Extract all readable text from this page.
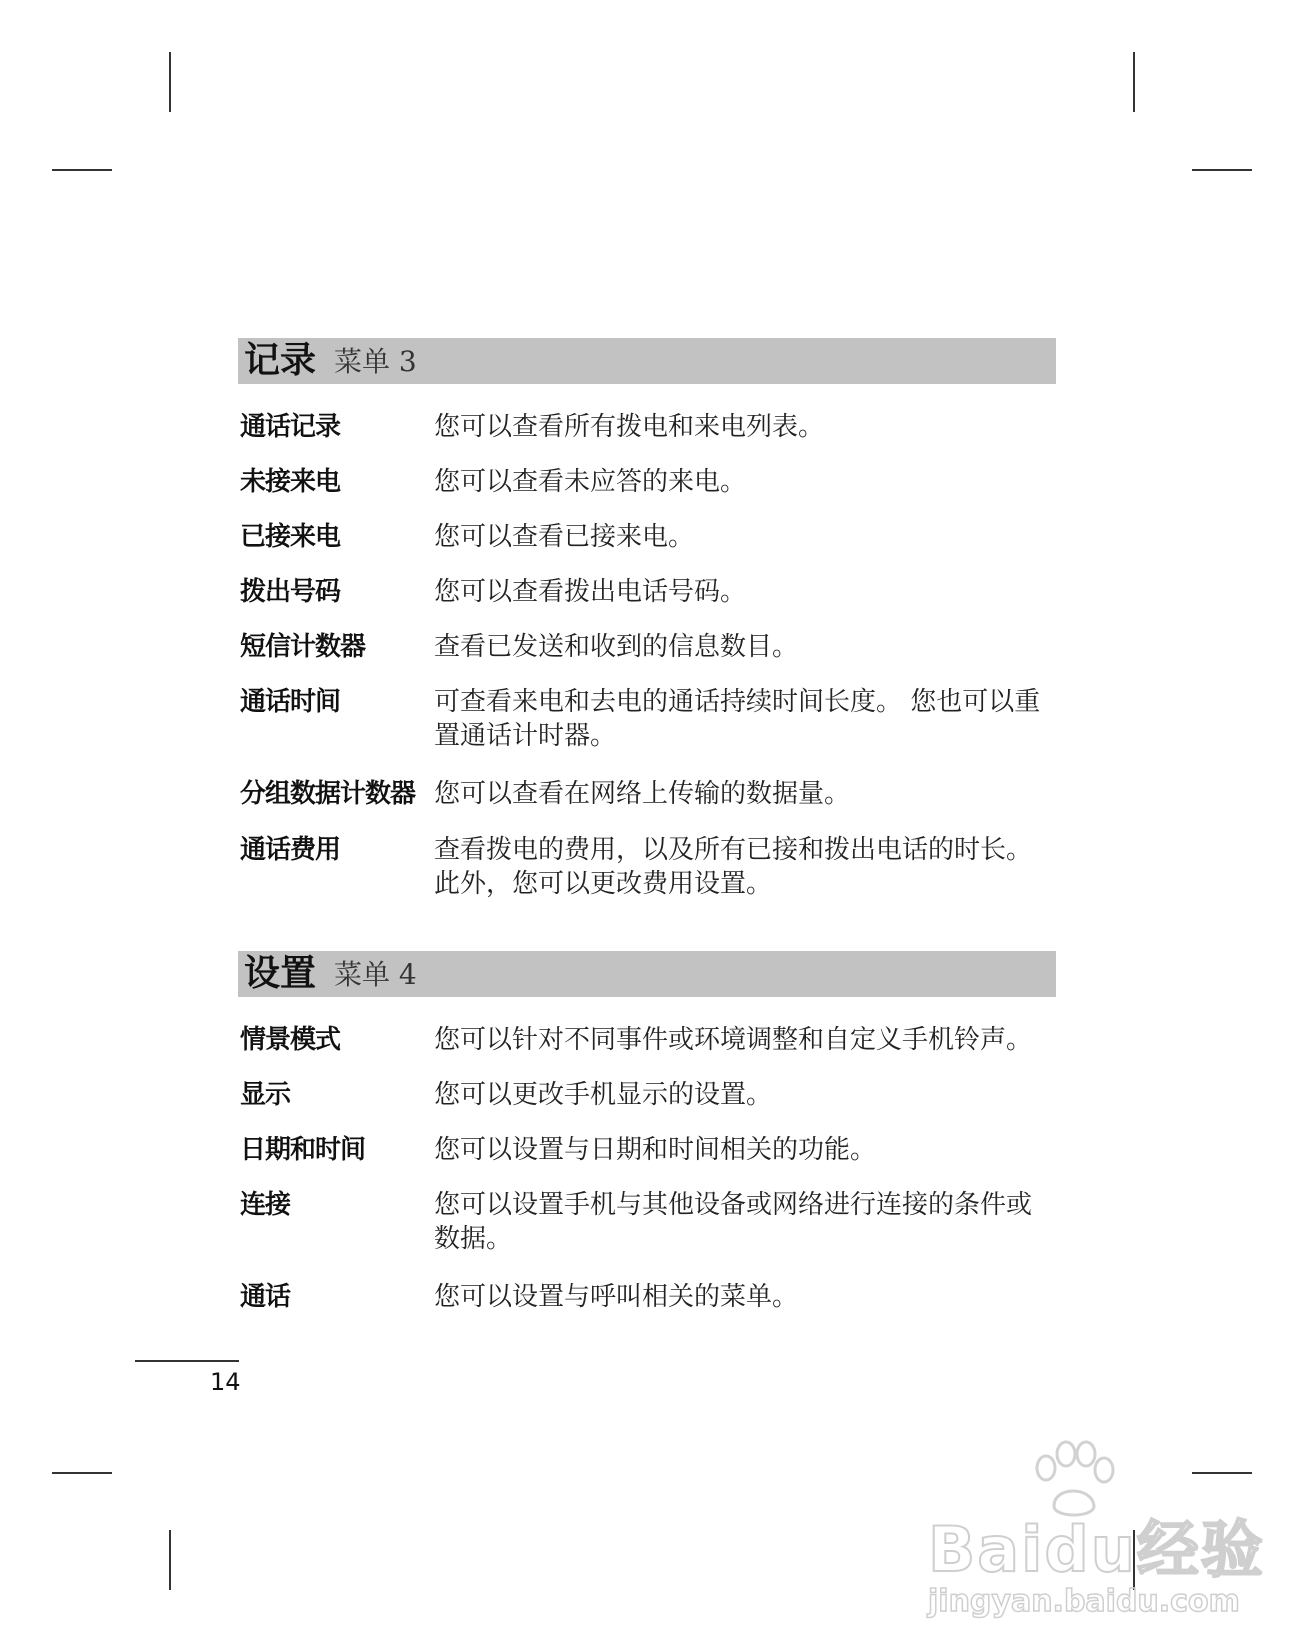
记录 菜单 3
通话记录	您可以查看所有拨电和来电列表。
未接来电	您可以查看未应答的来电。
已接来电	您可以查看已接来电。
拨出号码	您可以查看拨出电话号码。
短信计数器	查看已发送和收到的信息数目。
通话时间	可查看来电和去电的通话持续时间长度。 您也可以重置通话计时器。
分组数据计数器 您可以查看在网络上传输的数据量。
通话费用	查看拨电的费用，以及所有已接和拨出电话的时长。此外，您可以更改费用设置。
设置 菜单 4
情景模式	您可以针对不同事件或环境调整和自定义手机铃声。
显示	您可以更改手机显示的设置。
日期和时间	您可以设置与日期和时间相关的功能。
连接	您可以设置手机与其他设备或网络进行连接的条件或数据。
通话	您可以设置与呼叫相关的菜单。
14
Baidu经验
jingyan.baidu.com
